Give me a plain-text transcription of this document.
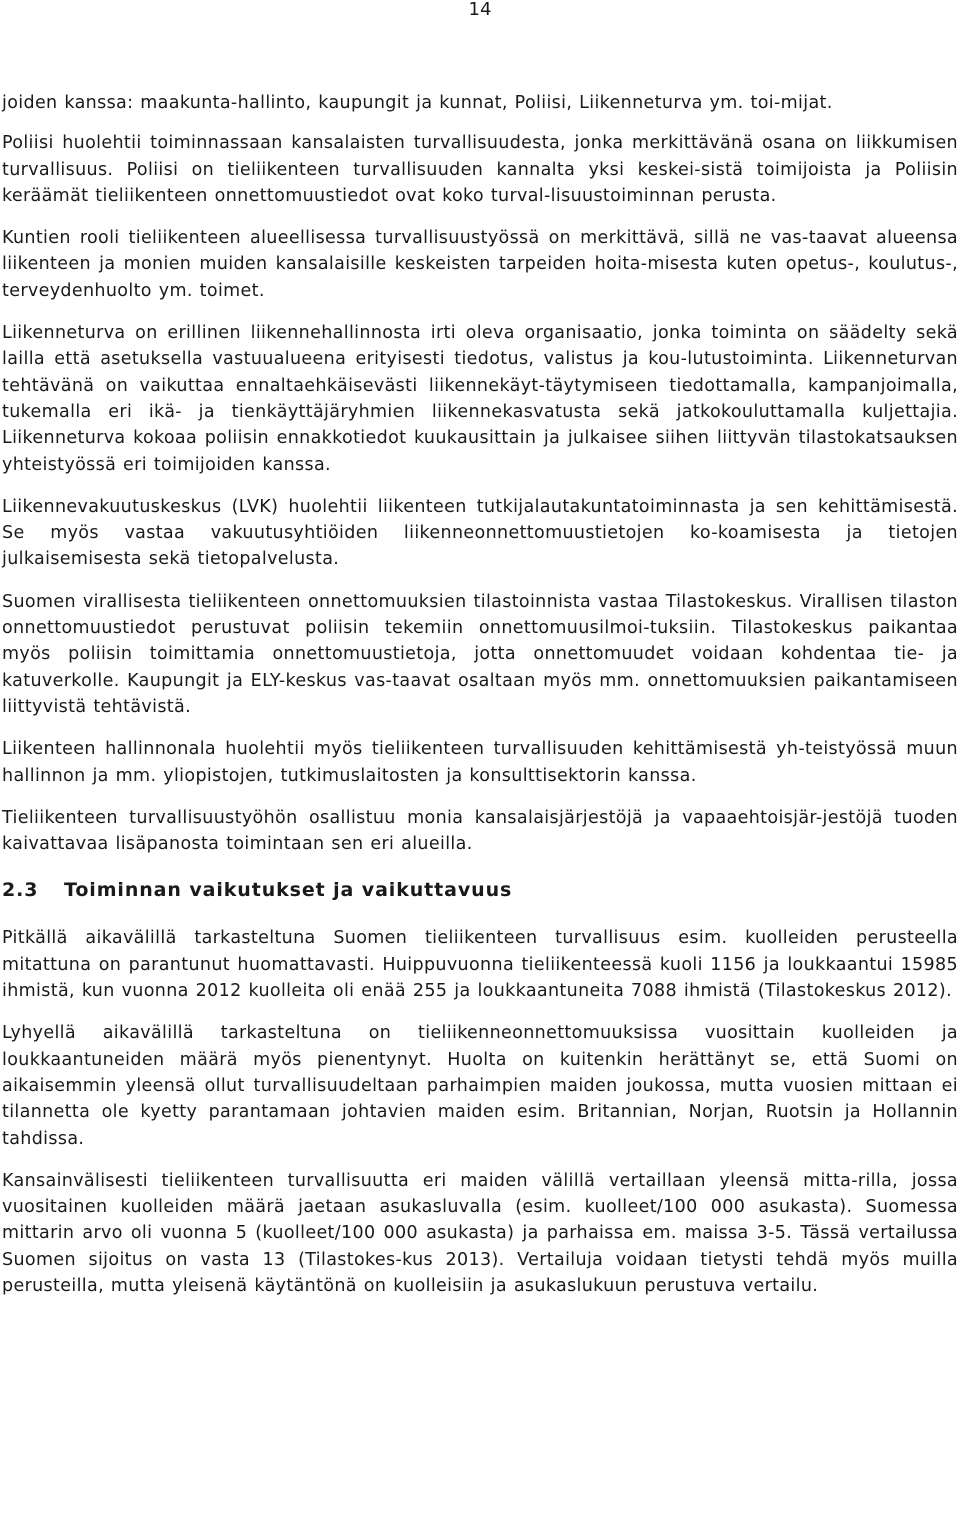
14

joiden kanssa: maakunta-hallinto, kaupungit ja kunnat, Poliisi, Liikenneturva ym. toi-mijat.

Poliisi huolehtii toiminnassaan kansalaisten turvallisuudesta, jonka merkittävänä osana on liikkumisen turvallisuus. Poliisi on tieliikenteen turvallisuuden kannalta yksi keskei-sistä toimijoista ja Poliisin keräämät tieliikenteen onnettomuustiedot ovat koko turval-lisuustoiminnan perusta.

Kuntien rooli tieliikenteen alueellisessa turvallisuustyössä on merkittävä, sillä ne vas-taavat alueensa liikenteen ja monien muiden kansalaisille keskeisten tarpeiden hoita-misesta kuten opetus-, koulutus-, terveydenhuolto ym. toimet.

Liikenneturva on erillinen liikennehallinnosta irti oleva organisaatio, jonka toiminta on säädelty sekä lailla että asetuksella vastuualueena erityisesti tiedotus, valistus ja kou-lutustoiminta. Liikenneturvan tehtävänä on vaikuttaa ennaltaehkäisevästi liikennekäyt-täytymiseen tiedottamalla, kampanjoimalla, tukemalla eri ikä- ja tienkäyttäjäryhmien liikennekasvatusta sekä jatkokouluttamalla kuljettajia. Liikenneturva kokoaa poliisin ennakkotiedot kuukausittain ja julkaisee siihen liittyvän tilastokatsauksen yhteistyössä eri toimijoiden kanssa.

Liikennevakuutuskeskus (LVK) huolehtii liikenteen tutkijalautakuntatoiminnasta ja sen kehittämisestä. Se myös vastaa vakuutusyhtiöiden liikenneonnettomuustietojen ko-koamisesta ja tietojen julkaisemisesta sekä tietopalvelusta.

Suomen virallisesta tieliikenteen onnettomuuksien tilastoinnista vastaa Tilastokeskus. Virallisen tilaston onnettomuustiedot perustuvat poliisin tekemiin onnettomuusilmoi-tuksiin. Tilastokeskus paikantaa myös poliisin toimittamia onnettomuustietoja, jotta onnettomuudet voidaan kohdentaa tie- ja katuverkolle. Kaupungit ja ELY-keskus vas-taavat osaltaan myös mm. onnettomuuksien paikantamiseen liittyvistä tehtävistä.

Liikenteen hallinnonala huolehtii myös tieliikenteen turvallisuuden kehittämisestä yh-teistyössä muun hallinnon ja mm. yliopistojen, tutkimuslaitosten ja konsulttisektorin kanssa.

Tieliikenteen turvallisuustyöhön osallistuu monia kansalaisjärjestöjä ja vapaaehtoisjär-jestöjä tuoden kaivattavaa lisäpanosta toimintaan sen eri alueilla.

2.3	Toiminnan vaikutukset ja vaikuttavuus

Pitkällä aikavälillä tarkasteltuna Suomen tieliikenteen turvallisuus esim. kuolleiden perusteella mitattuna on parantunut huomattavasti. Huippuvuonna tieliikenteessä kuoli 1156 ja loukkaantui 15985 ihmistä, kun vuonna 2012 kuolleita oli enää 255 ja loukkaantuneita 7088 ihmistä (Tilastokeskus 2012).

Lyhyellä aikavälillä tarkasteltuna on tieliikenneonnettomuuksissa vuosittain kuolleiden ja loukkaantuneiden määrä myös pienentynyt. Huolta on kuitenkin herättänyt se, että Suomi on aikaisemmin yleensä ollut turvallisuudeltaan parhaimpien maiden joukossa, mutta vuosien mittaan ei tilannetta ole kyetty parantamaan johtavien maiden esim. Britannian, Norjan, Ruotsin ja Hollannin tahdissa.

Kansainvälisesti tieliikenteen turvallisuutta eri maiden välillä vertaillaan yleensä mitta-rilla, jossa vuositainen kuolleiden määrä jaetaan asukasluvalla (esim. kuolleet/100 000 asukasta). Suomessa mittarin arvo oli vuonna 5 (kuolleet/100 000 asukasta) ja parhaissa em. maissa 3-5. Tässä vertailussa Suomen sijoitus on vasta 13 (Tilastokes-kus 2013). Vertailuja voidaan tietysti tehdä myös muilla perusteilla, mutta yleisenä käytäntönä on kuolleisiin ja asukaslukuun perustuva vertailu.
